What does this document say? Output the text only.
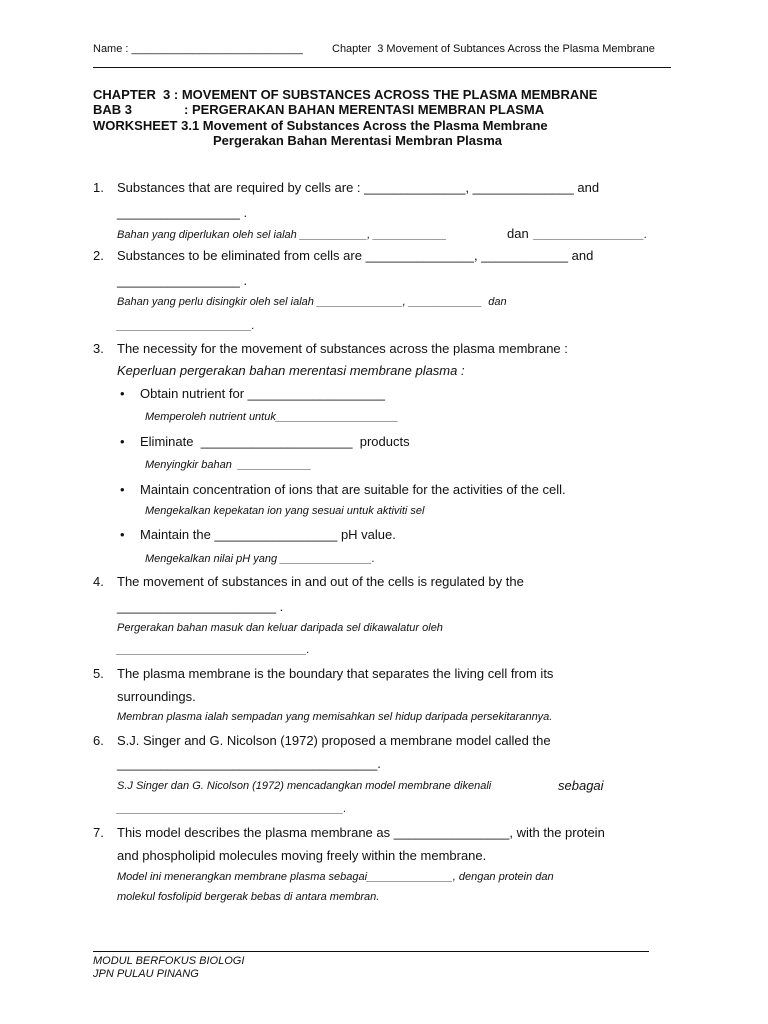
Name : ____________________________	Chapter  3 Movement of Subtances Across the Plasma Membrane
CHAPTER  3 : MOVEMENT OF SUBSTANCES ACROSS THE PLASMA MEMBRANE
BAB 3	: PERGERAKAN BAHAN MERENTASI MEMBRAN PLASMA
WORKSHEET 3.1 Movement of Substances Across the Plasma Membrane
Pergerakan Bahan Merentasi Membran Plasma
1. Substances that are required by cells are : ______________, ______________ and
_________________ .
Bahan yang diperlukan oleh sel ialah ___________, ____________	dan __________________.
2. Substances to be eliminated from cells are _______________, ____________ and
_________________ .
Bahan yang perlu disingkir oleh sel ialah ______________, ____________  dan
______________________.
3. The necessity for the movement of substances across the plasma membrane :
Keperluan pergerakan bahan merentasi membrane plasma :
• Obtain nutrient for ___________________
Memperoleh nutrient untuk____________________
• Eliminate  _____________________  products
Menyingkir bahan  ____________
• Maintain concentration of ions that are suitable for the activities of the cell.
Mengekalkan kepekatan ion yang sesuai untuk aktiviti sel
• Maintain the _________________ pH value.
Mengekalkan nilai pH yang _______________.
4. The movement of substances in and out of the cells is regulated by the
______________________ .
Pergerakan bahan masuk dan keluar daripada sel dikawalatur oleh
_______________________________.
5. The plasma membrane is the boundary that separates the living cell from its
surroundings.
Membran plasma ialah sempadan yang memisahkan sel hidup daripada persekitarannya.
6. S.J. Singer and G. Nicolson (1972) proposed a membrane model called the
____________________________________.
S.J Singer dan G. Nicolson (1972) mencadangkan model membrane dikenali	sebagai
_____________________________________.
7. This model describes the plasma membrane as ________________, with the protein
and phospholipid molecules moving freely within the membrane.
Model ini menerangkan membrane plasma sebagai______________, dengan protein dan
molekul fosfolipid bergerak bebas di antara membran.
MODUL BERFOKUS BIOLOGI
JPN PULAU PINANG
